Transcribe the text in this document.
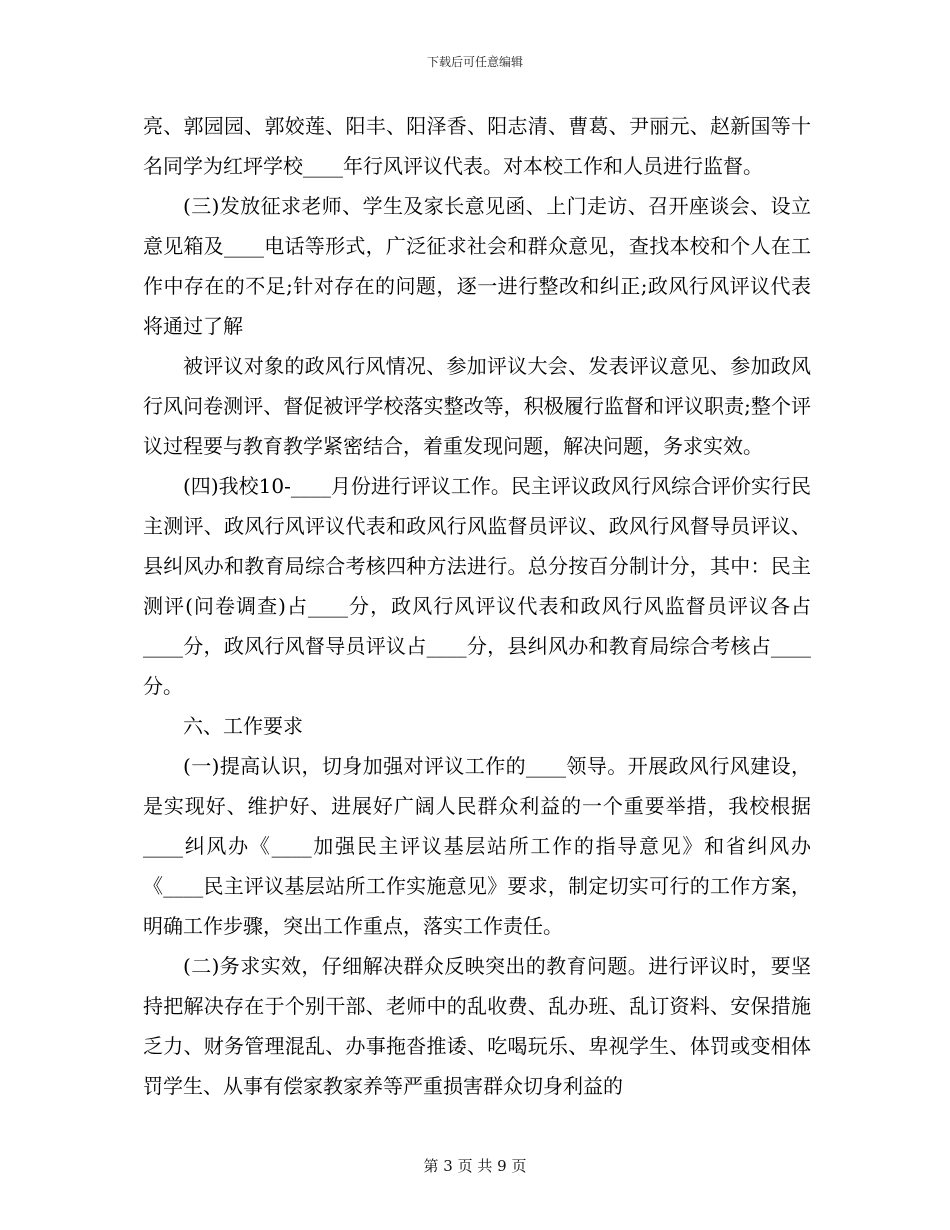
下载后可任意编辑

亮、郭园园、郭姣莲、阳丰、阳泽香、阳志清、曹葛、尹丽元、赵新国等十名同学为红坪学校____年行风评议代表。对本校工作和人员进行监督。

(三)发放征求老师、学生及家长意见函、上门走访、召开座谈会、设立意见箱及____电话等形式，广泛征求社会和群众意见，查找本校和个人在工作中存在的不足;针对存在的问题，逐一进行整改和纠正;政风行风评议代表将通过了解

被评议对象的政风行风情况、参加评议大会、发表评议意见、参加政风行风问卷测评、督促被评学校落实整改等，积极履行监督和评议职责;整个评议过程要与教育教学紧密结合，着重发现问题，解决问题，务求实效。

(四)我校10-____月份进行评议工作。民主评议政风行风综合评价实行民主测评、政风行风评议代表和政风行风监督员评议、政风行风督导员评议、县纠风办和教育局综合考核四种方法进行。总分按百分制计分，其中：民主测评(问卷调查)占____分，政风行风评议代表和政风行风监督员评议各占____分，政风行风督导员评议占____分，县纠风办和教育局综合考核占____分。

六、工作要求

(一)提高认识，切身加强对评议工作的____领导。开展政风行风建设，是实现好、维护好、进展好广阔人民群众利益的一个重要举措，我校根据____纠风办《____加强民主评议基层站所工作的指导意见》和省纠风办《____民主评议基层站所工作实施意见》要求，制定切实可行的工作方案，明确工作步骤，突出工作重点，落实工作责任。

(二)务求实效，仔细解决群众反映突出的教育问题。进行评议时，要坚持把解决存在于个别干部、老师中的乱收费、乱办班、乱订资料、安保措施乏力、财务管理混乱、办事拖沓推诿、吃喝玩乐、卑视学生、体罚或变相体罚学生、从事有偿家教家养等严重损害群众切身利益的

第 3 页 共 9 页
